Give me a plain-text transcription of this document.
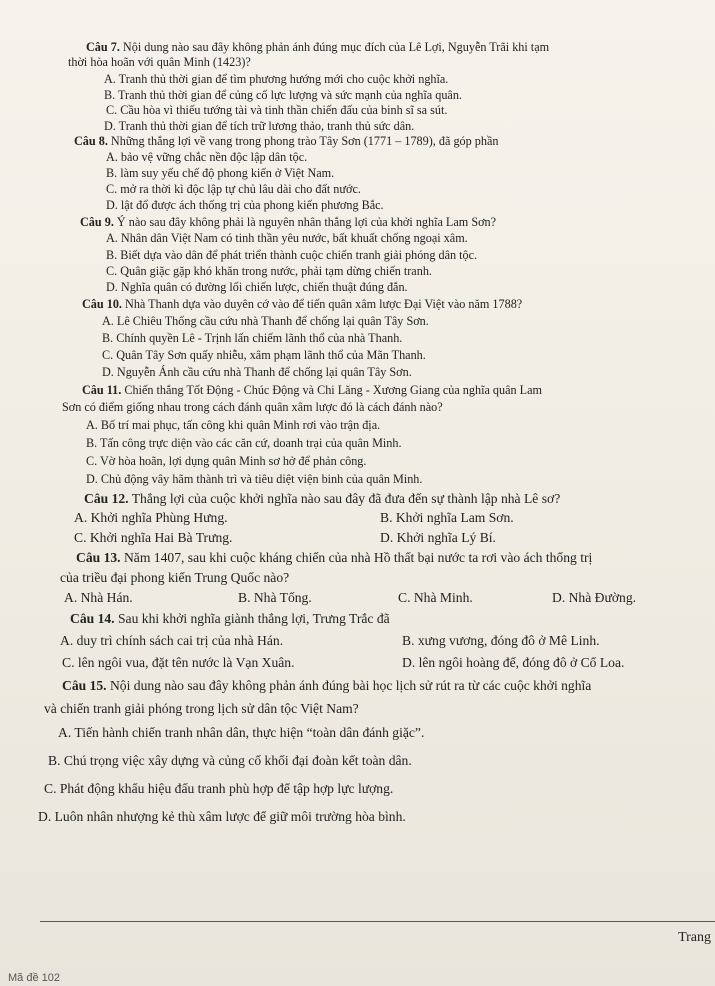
Câu 7. Nội dung nào sau đây không phản ánh đúng mục đích của Lê Lợi, Nguyễn Trãi khi tạm
thời hòa hoãn với quân Minh (1423)?
A. Tranh thủ thời gian để tìm phương hướng mới cho cuộc khởi nghĩa.
B. Tranh thủ thời gian để củng cố lực lượng và sức mạnh của nghĩa quân.
C. Cầu hòa vì thiếu tướng tài và tinh thần chiến đấu của binh sĩ sa sút.
D. Tranh thủ thời gian để tích trữ lương thảo, tranh thủ sức dân.
Câu 8. Những thắng lợi về vang trong phong trào Tây Sơn (1771 – 1789), đã góp phần
A. bảo vệ vững chắc nền độc lập dân tộc.
B. làm suy yếu chế độ phong kiến ở Việt Nam.
C. mở ra thời kì độc lập tự chủ lâu dài cho đất nước.
D. lật đổ được ách thống trị của phong kiến phương Bắc.
Câu 9. Ý nào sau đây không phải là nguyên nhân thắng lợi của khởi nghĩa Lam Sơn?
A. Nhân dân Việt Nam có tinh thần yêu nước, bất khuất chống ngoại xâm.
B. Biết dựa vào dân để phát triển thành cuộc chiến tranh giải phóng dân tộc.
C. Quân giặc gặp khó khăn trong nước, phải tạm dừng chiến tranh.
D. Nghĩa quân có đường lối chiến lược, chiến thuật đúng đắn.
Câu 10. Nhà Thanh dựa vào duyên cớ vào để tiến quân xâm lược Đại Việt vào năm 1788?
A. Lê Chiêu Thống cầu cứu nhà Thanh để chống lại quân Tây Sơn.
B. Chính quyền Lê - Trịnh lấn chiếm lãnh thổ của nhà Thanh.
C. Quân Tây Sơn quấy nhiễu, xâm phạm lãnh thổ của Mãn Thanh.
D. Nguyễn Ánh cầu cứu nhà Thanh để chống lại quân Tây Sơn.
Câu 11. Chiến thắng Tốt Động - Chúc Động và Chi Lăng - Xương Giang của nghĩa quân Lam
Sơn có điểm giống nhau trong cách đánh quân xâm lược đó là cách đánh nào?
A. Bố trí mai phục, tấn công khi quân Minh rơi vào trận địa.
B. Tấn công trực diện vào các căn cứ, doanh trại của quân Minh.
C. Vờ hòa hoãn, lợi dụng quân Minh sơ hở để phản công.
D. Chủ động vây hãm thành trì và tiêu diệt viện binh của quân Minh.
Câu 12. Thắng lợi của cuộc khởi nghĩa nào sau đây đã đưa đến sự thành lập nhà Lê sơ?
A. Khởi nghĩa Phùng Hưng.	B. Khởi nghĩa Lam Sơn.
C. Khởi nghĩa Hai Bà Trưng.	D. Khởi nghĩa Lý Bí.
Câu 13. Năm 1407, sau khi cuộc kháng chiến của nhà Hồ thất bại nước ta rơi vào ách thống trị
của triều đại phong kiến Trung Quốc nào?
A. Nhà Hán.	B. Nhà Tống.	C. Nhà Minh.	D. Nhà Đường.
Câu 14. Sau khi khởi nghĩa giành thắng lợi, Trưng Trắc đã
A. duy trì chính sách cai trị của nhà Hán.	B. xưng vương, đóng đô ở Mê Linh.
C. lên ngôi vua, đặt tên nước là Vạn Xuân.	D. lên ngôi hoàng đế, đóng đô ở Cổ Loa.
Câu 15. Nội dung nào sau đây không phản ánh đúng bài học lịch sử rút ra từ các cuộc khởi nghĩa
và chiến tranh giải phóng trong lịch sử dân tộc Việt Nam?
A. Tiến hành chiến tranh nhân dân, thực hiện “toàn dân đánh giặc”.
B. Chú trọng việc xây dựng và củng cố khối đại đoàn kết toàn dân.
C. Phát động khẩu hiệu đấu tranh phù hợp để tập hợp lực lượng.
D. Luôn nhân nhượng kẻ thù xâm lược để giữ môi trường hòa bình.
Trang
Mã đề 102
